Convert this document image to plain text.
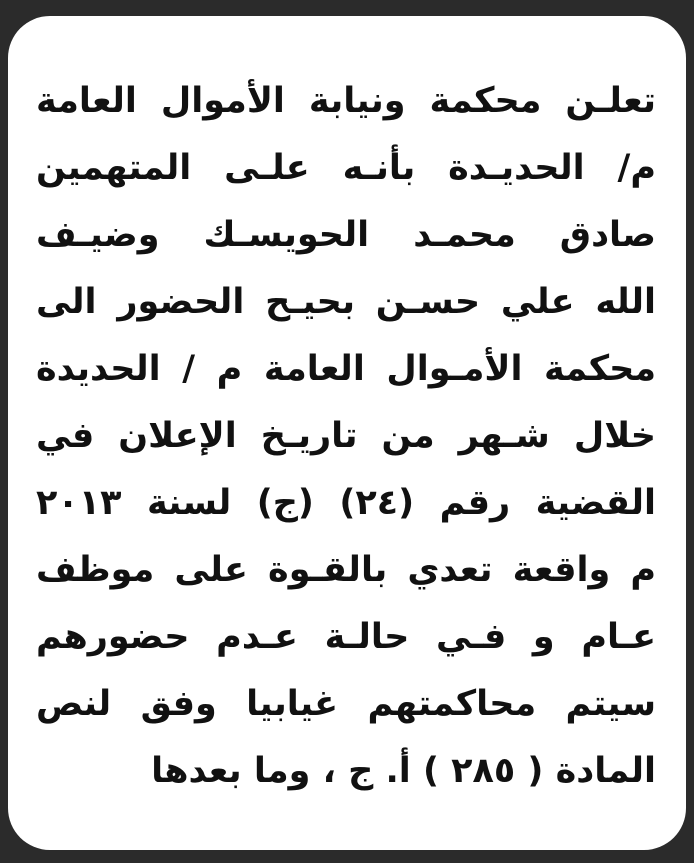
تعلـن محكمة ونيابة الأموال العامة
م/ الحديـدة بأنـه علـى المتهمين
صادق محمـد الحويسـك وضيـف
الله علي حسـن بحيـح الحضور الى
محكمة الأمـوال العامة م / الحديدة
خلال شـهر من تاريـخ الإعلان في
القضية رقم (٢٤) (ج) لسنة ٢٠١٣
م واقعة تعدي بالقـوة على موظف
عـام و فـي حالـة عـدم حضورهم
سيتم محاكمتهم غيابيا وفق لنص
المادة ( ٢٨٥ ) أ. ج ، وما بعدها
